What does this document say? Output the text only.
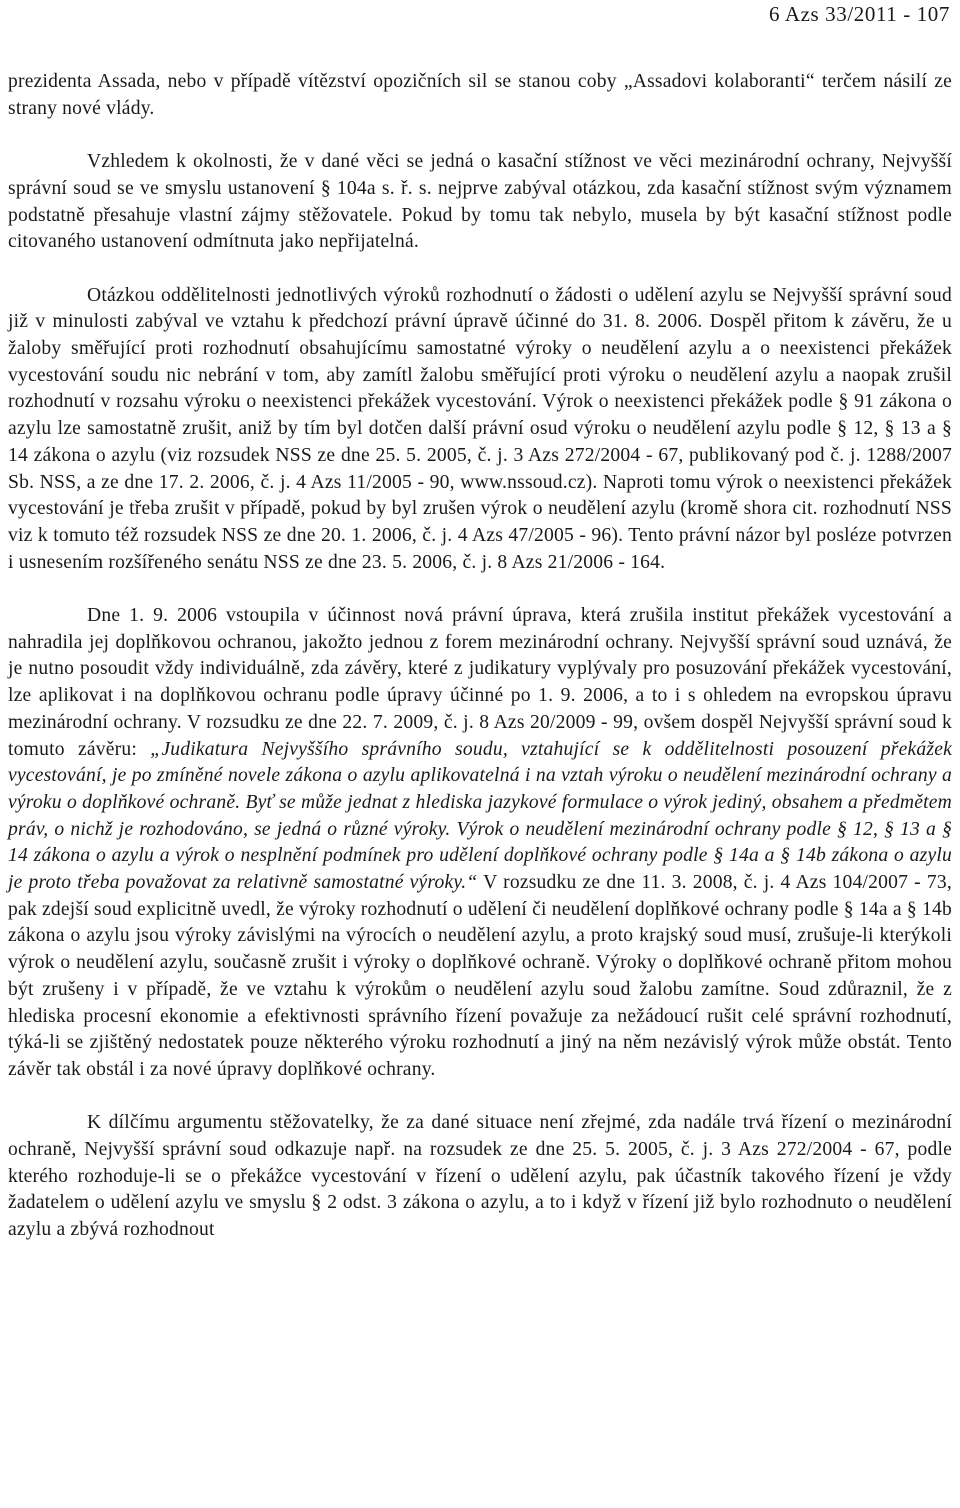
6 Azs 33/2011 - 107

prezidenta Assada, nebo v případě vítězství opozičních sil se stanou coby „Assadovi kolaboranti“ terčem násilí ze strany nové vlády.

Vzhledem k okolnosti, že v dané věci se jedná o kasační stížnost ve věci mezinárodní ochrany, Nejvyšší správní soud se ve smyslu ustanovení § 104a s. ř. s. nejprve zabýval otázkou, zda kasační stížnost svým významem podstatně přesahuje vlastní zájmy stěžovatele. Pokud by tomu tak nebylo, musela by být kasační stížnost podle citovaného ustanovení odmítnuta jako nepřijatelná.

Otázkou oddělitelnosti jednotlivých výroků rozhodnutí o žádosti o udělení azylu se Nejvyšší správní soud již v minulosti zabýval ve vztahu k předchozí právní úpravě účinné do 31. 8. 2006. Dospěl přitom k závěru, že u žaloby směřující proti rozhodnutí obsahujícímu samostatné výroky o neudělení azylu a o neexistenci překážek vycestování soudu nic nebrání v tom, aby zamítl žalobu směřující proti výroku o neudělení azylu a naopak zrušil rozhodnutí v rozsahu výroku o neexistenci překážek vycestování. Výrok o neexistenci překážek podle § 91 zákona o azylu lze samostatně zrušit, aniž by tím byl dotčen další právní osud výroku o neudělení azylu podle § 12, § 13 a § 14 zákona o azylu (viz rozsudek NSS ze dne 25. 5. 2005, č. j. 3 Azs 272/2004 - 67, publikovaný pod č. j. 1288/2007 Sb. NSS, a ze dne 17. 2. 2006, č. j. 4 Azs 11/2005 - 90, www.nssoud.cz). Naproti tomu výrok o neexistenci překážek vycestování je třeba zrušit v případě, pokud by byl zrušen výrok o neudělení azylu (kromě shora cit. rozhodnutí NSS viz k tomuto též rozsudek NSS ze dne 20. 1. 2006, č. j. 4 Azs 47/2005 - 96). Tento právní názor byl posléze potvrzen i usnesením rozšířeného senátu NSS ze dne 23. 5. 2006, č. j. 8 Azs 21/2006 - 164.

Dne 1. 9. 2006 vstoupila v účinnost nová právní úprava, která zrušila institut překážek vycestování a nahradila jej doplňkovou ochranou, jakožto jednou z forem mezinárodní ochrany. Nejvyšší správní soud uznává, že je nutno posoudit vždy individuálně, zda závěry, které z judikatury vyplývaly pro posuzování překážek vycestování, lze aplikovat i na doplňkovou ochranu podle úpravy účinné po 1. 9. 2006, a to i s ohledem na evropskou úpravu mezinárodní ochrany. V rozsudku ze dne 22. 7. 2009, č. j. 8 Azs 20/2009 - 99, ovšem dospěl Nejvyšší správní soud k tomuto závěru: „Judikatura Nejvyššího správního soudu, vztahující se k oddělitelnosti posouzení překážek vycestování, je po zmíněné novele zákona o azylu aplikovatelná i na vztah výroku o neudělení mezinárodní ochrany a výroku o doplňkové ochraně. Byť se může jednat z hlediska jazykové formulace o výrok jediný, obsahem a předmětem práv, o nichž je rozhodováno, se jedná o různé výroky. Výrok o neudělení mezinárodní ochrany podle § 12, § 13 a § 14 zákona o azylu a výrok o nesplnění podmínek pro udělení doplňkové ochrany podle § 14a a § 14b zákona o azylu je proto třeba považovat za relativně samostatné výroky.“ V rozsudku ze dne 11. 3. 2008, č. j. 4 Azs 104/2007 - 73, pak zdejší soud explicitně uvedl, že výroky rozhodnutí o udělení či neudělení doplňkové ochrany podle § 14a a § 14b zákona o azylu jsou výroky závislými na výrocích o neudělení azylu, a proto krajský soud musí, zrušuje-li kterýkoli výrok o neudělení azylu, současně zrušit i výroky o doplňkové ochraně. Výroky o doplňkové ochraně přitom mohou být zrušeny i v případě, že ve vztahu k výrokům o neudělení azylu soud žalobu zamítne. Soud zdůraznil, že z hlediska procesní ekonomie a efektivnosti správního řízení považuje za nežádoucí rušit celé správní rozhodnutí, týká-li se zjištěný nedostatek pouze některého výroku rozhodnutí a jiný na něm nezávislý výrok může obstát. Tento závěr tak obstál i za nové úpravy doplňkové ochrany.

K dílčímu argumentu stěžovatelky, že za dané situace není zřejmé, zda nadále trvá řízení o mezinárodní ochraně, Nejvyšší správní soud odkazuje např. na rozsudek ze dne 25. 5. 2005, č. j. 3 Azs 272/2004 - 67, podle kterého rozhoduje-li se o překážce vycestování v řízení o udělení azylu, pak účastník takového řízení je vždy žadatelem o udělení azylu ve smyslu § 2 odst. 3 zákona o azylu, a to i když v řízení již bylo rozhodnuto o neudělení azylu a zbývá rozhodnout
